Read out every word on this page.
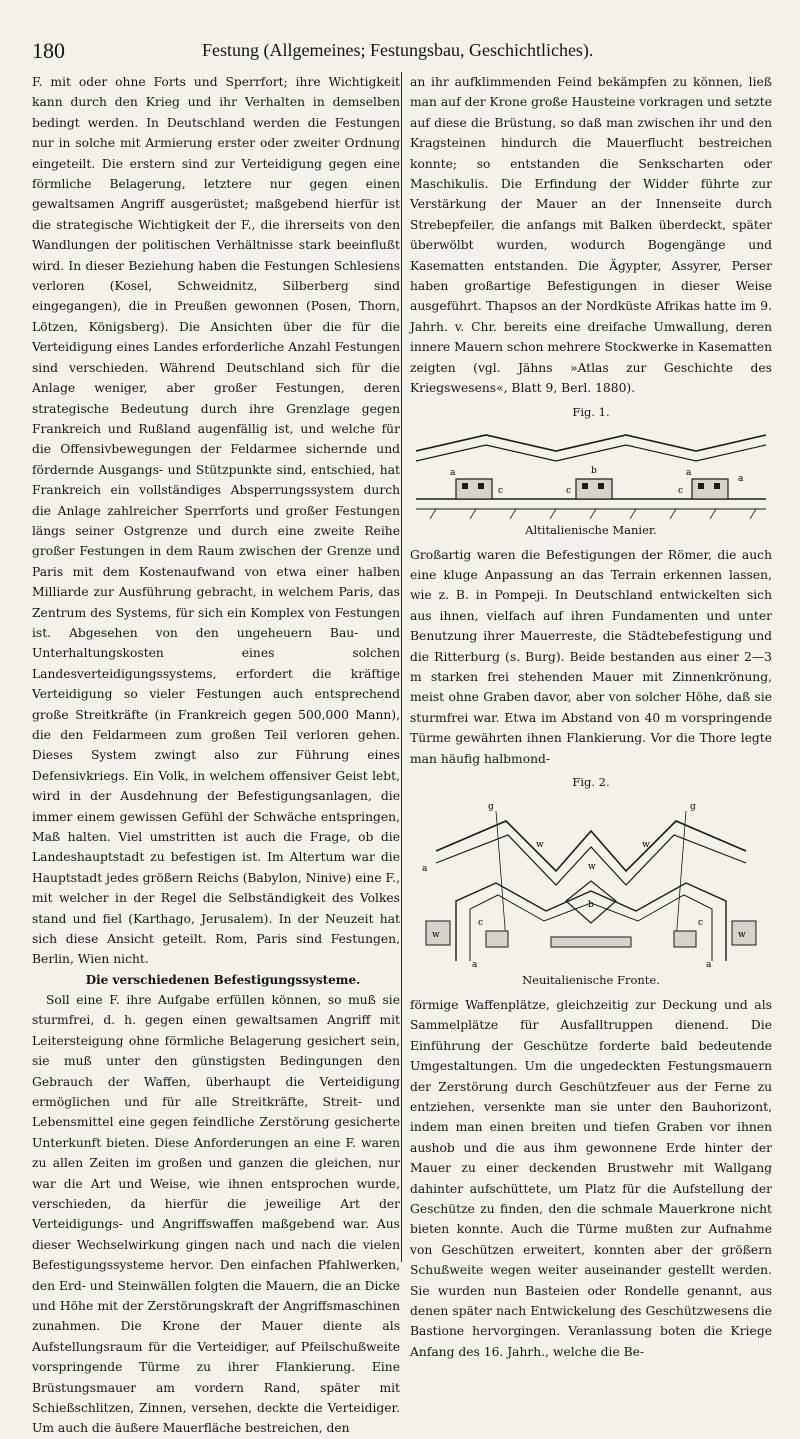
180	Festung (Allgemeines; Festungsbau, Geschichtliches).

F. mit oder ohne Forts und Sperrfort; ihre Wichtigkeit kann durch den Krieg und ihr Verhalten in demselben bedingt werden. In Deutschland werden die Festungen nur in solche mit Armierung erster oder zweiter Ordnung eingeteilt. Die erstern sind zur Verteidigung gegen eine förmliche Belagerung, letztere nur gegen einen gewaltsamen Angriff ausgerüstet; maßgebend hierfür ist die strategische Wichtigkeit der F., die ihrerseits von den Wandlungen der politischen Verhältnisse stark beeinflußt wird. In dieser Beziehung haben die Festungen Schlesiens verloren (Kosel, Schweidnitz, Silberberg sind eingegangen), die in Preußen gewonnen (Posen, Thorn, Lötzen, Königsberg). Die Ansichten über die für die Verteidigung eines Landes erforderliche Anzahl Festungen sind verschieden. Während Deutschland sich für die Anlage weniger, aber großer Festungen, deren strategische Bedeutung durch ihre Grenzlage gegen Frankreich und Rußland augenfällig ist, und welche für die Offensivbewegungen der Feldarmee sichernde und fördernde Ausgangs- und Stützpunkte sind, entschied, hat Frankreich ein vollständiges Absperrungssystem durch die Anlage zahlreicher Sperrforts und großer Festungen längs seiner Ostgrenze und durch eine zweite Reihe großer Festungen in dem Raum zwischen der Grenze und Paris mit dem Kostenaufwand von etwa einer halben Milliarde zur Ausführung gebracht, in welchem Paris, das Zentrum des Systems, für sich ein Komplex von Festungen ist. Abgesehen von den ungeheuern Bau- und Unterhaltungskosten eines solchen Landesverteidigungssystems, erfordert die kräftige Verteidigung so vieler Festungen auch entsprechend große Streitkräfte (in Frankreich gegen 500,000 Mann), die den Feldarmeen zum großen Teil verloren gehen. Dieses System zwingt also zur Führung eines Defensivkriegs. Ein Volk, in welchem offensiver Geist lebt, wird in der Ausdehnung der Befestigungsanlagen, die immer einem gewissen Gefühl der Schwäche entspringen, Maß halten. Viel umstritten ist auch die Frage, ob die Landeshauptstadt zu befestigen ist. Im Altertum war die Hauptstadt jedes größern Reichs (Babylon, Ninive) eine F., mit welcher in der Regel die Selbständigkeit des Volkes stand und fiel (Karthago, Jerusalem). In der Neuzeit hat sich diese Ansicht geteilt. Rom, Paris sind Festungen, Berlin, Wien nicht.

Die verschiedenen Befestigungssysteme.

Soll eine F. ihre Aufgabe erfüllen können, so muß sie sturmfrei, d. h. gegen einen gewaltsamen Angriff mit Leitersteigung ohne förmliche Belagerung gesichert sein, sie muß unter den günstigsten Bedingungen den Gebrauch der Waffen, überhaupt die Verteidigung ermöglichen und für alle Streitkräfte, Streit- und Lebensmittel eine gegen feindliche Zerstörung gesicherte Unterkunft bieten. Diese Anforderungen an eine F. waren zu allen Zeiten im großen und ganzen die gleichen, nur war die Art und Weise, wie ihnen entsprochen wurde, verschieden, da hierfür die jeweilige Art der Verteidigungs- und Angriffswaffen maßgebend war. Aus dieser Wechselwirkung gingen nach und nach die vielen Befestigungssysteme hervor. Den einfachen Pfahlwerken, den Erd- und Steinwällen folgten die Mauern, die an Dicke und Höhe mit der Zerstörungskraft der Angriffsmaschinen zunahmen. Die Krone der Mauer diente als Aufstellungsraum für die Verteidiger, auf Pfeilschußweite vorspringende Türme zu ihrer Flankierung. Eine Brüstungsmauer am vordern Rand, später mit Schießschlitzen, Zinnen, versehen, deckte die Verteidiger. Um auch die äußere Mauerfläche bestreichen, den

an ihr aufklimmenden Feind bekämpfen zu können, ließ man auf der Krone große Hausteine vorkragen und setzte auf diese die Brüstung, so daß man zwischen ihr und den Kragsteinen hindurch die Mauerflucht bestreichen konnte; so entstanden die Senkscharten oder Maschikulis. Die Erfindung der Widder führte zur Verstärkung der Mauer an der Innenseite durch Strebepfeiler, die anfangs mit Balken überdeckt, später überwölbt wurden, wodurch Bogengänge und Kasematten entstanden. Die Ägypter, Assyrer, Perser haben großartige Befestigungen in dieser Weise ausgeführt. Thapsos an der Nordküste Afrikas hatte im 9. Jahrh. v. Chr. bereits eine dreifache Umwallung, deren innere Mauern schon mehrere Stockwerke in Kasematten zeigten (vgl. Jähns »Atlas zur Geschichte des Kriegswesens«, Blatt 9, Berl. 1880).

Fig. 1.
a	b
c
a
c
a
c
Altitalienische Manier.

Großartig waren die Befestigungen der Römer, die auch eine kluge Anpassung an das Terrain erkennen lassen, wie z. B. in Pompeji. In Deutschland entwickelten sich aus ihnen, vielfach auf ihren Fundamenten und unter Benutzung ihrer Mauerreste, die Städtebefestigung und die Ritterburg (s. Burg). Beide bestanden aus einer 2—3 m starken frei stehenden Mauer mit Zinnenkrönung, meist ohne Graben davor, aber von solcher Höhe, daß sie sturmfrei war. Etwa im Abstand von 40 m vorspringende Türme gewährten ihnen Flankierung. Vor die Thore legte man häufig halbmond-

Fig. 2.
g	g
w
w
w
a
b
c	c
w	w
a	a
Neuitalienische Fronte.

förmige Waffenplätze, gleichzeitig zur Deckung und als Sammelplätze für Ausfalltruppen dienend. Die Einführung der Geschütze forderte bald bedeutende Umgestaltungen. Um die ungedeckten Festungsmauern der Zerstörung durch Geschützfeuer aus der Ferne zu entziehen, versenkte man sie unter den Bauhorizont, indem man einen breiten und tiefen Graben vor ihnen aushob und die aus ihm gewonnene Erde hinter der Mauer zu einer deckenden Brustwehr mit Wallgang dahinter aufschüttete, um Platz für die Aufstellung der Geschütze zu finden, den die schmale Mauerkrone nicht bieten konnte. Auch die Türme mußten zur Aufnahme von Geschützen erweitert, konnten aber der größern Schußweite wegen weiter auseinander gestellt werden. Sie wurden nun Basteien oder Rondelle genannt, aus denen später nach Entwickelung des Geschützwesens die Bastione hervorgingen. Veranlassung boten die Kriege Anfang des 16. Jahrh., welche die Be-
